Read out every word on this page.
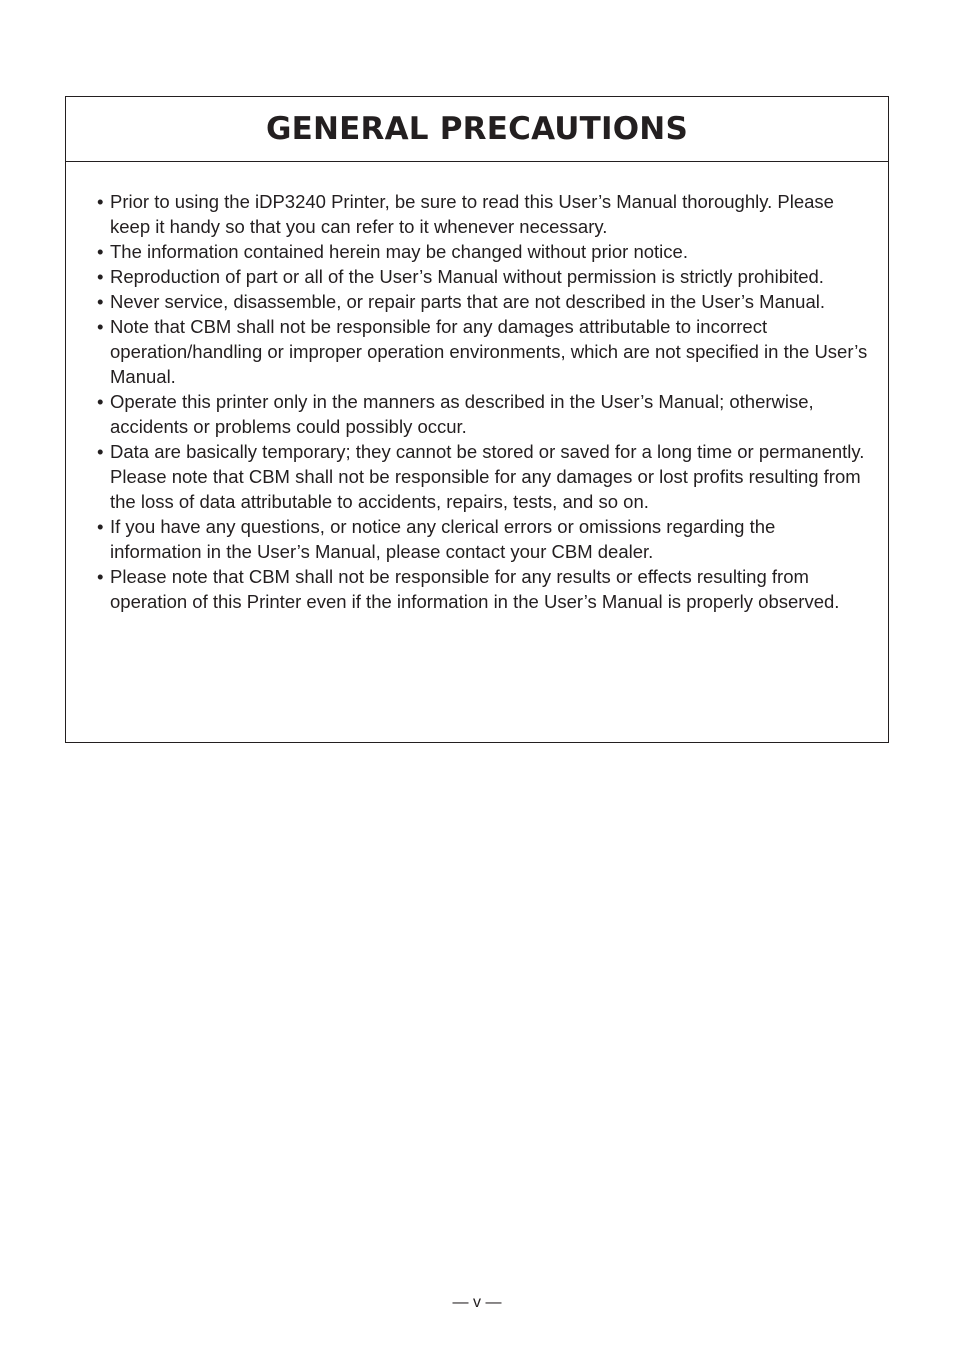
GENERAL PRECAUTIONS
• Prior to using the iDP3240 Printer, be sure to read this User’s Manual thoroughly. Please keep it handy so that you can refer to it whenever necessary.
• The information contained herein may be changed without prior notice.
• Reproduction of part or all of the User’s Manual without permission is strictly prohibited.
• Never service, disassemble, or repair parts that are not described in the User’s Manual.
• Note that CBM shall not be responsible for any damages attributable to incorrect operation/handling or improper operation environments, which are not specified in the User’s Manual.
• Operate this printer only in the manners as described in the User’s Manual; otherwise, accidents or problems could possibly occur.
• Data are basically temporary; they cannot be stored or saved for a long time or permanently. Please note that CBM shall not be responsible for any damages or lost profits resulting from the loss of data attributable to accidents, repairs, tests, and so on.
• If you have any questions, or notice any clerical errors or omissions regarding the information in the User’s Manual, please contact your CBM dealer.
• Please note that CBM shall not be responsible for any results or effects resulting from operation of this Printer even if the information in the User’s Manual is properly observed.
— v —
